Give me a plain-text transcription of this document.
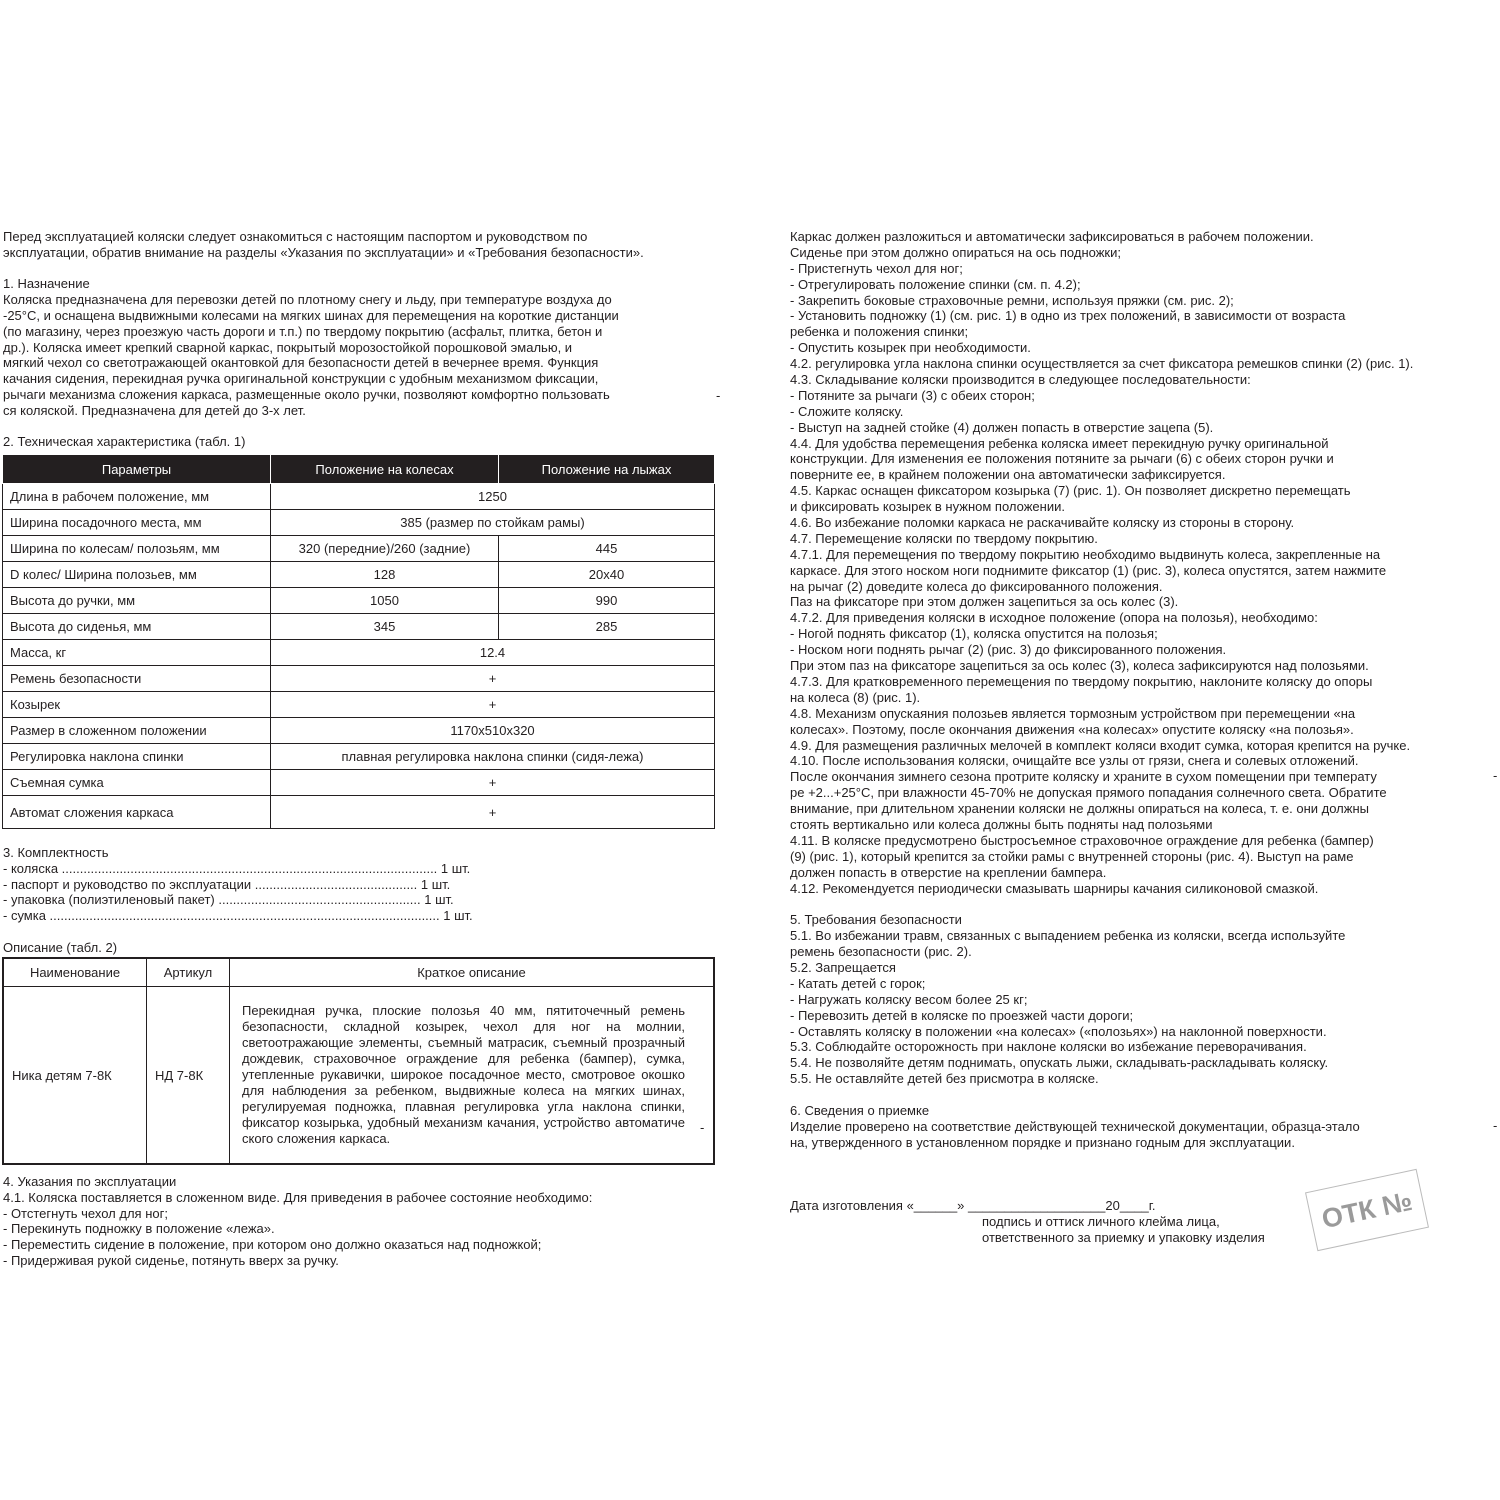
Перед эксплуатацией коляски следует ознакомиться с настоящим паспортом и руководством по
эксплуатации, обратив внимание на разделы «Указания по эксплуатации» и «Требования безопасности».
1. Назначение
Коляска предназначена для перевозки детей по плотному снегу и льду, при температуре воздуха до
-25°С, и оснащена выдвижными колесами на мягких шинах для перемещения на короткие дистанции
(по магазину, через проезжую часть дороги и т.п.) по твердому покрытию (асфальт, плитка, бетон и
др.). Коляска имеет крепкий сварной каркас, покрытый морозостойкой порошковой эмалью, и
мягкий чехол со светотражающей окантовкой для безопасности детей в вечернее время. Функция
качания сидения, перекидная ручка оригинальной конструкции с удобным механизмом фиксации,
рычаги механизма сложения каркаса, размещенные около ручки, позволяют комфортно пользовать
ся коляской. Предназначена для детей до 3-х лет.
2. Техническая характеристика (табл. 1)
Параметры	Положение на колесах	Положение на лыжах
Длина в рабочем положение, мм	1250	
Ширина посадочного места, мм	385 (размер по стойкам рамы)	
Ширина по колесам/ полозьям, мм	320 (передние)/260 (задние)	445
D колес/ Ширина полозьев, мм	128	20x40
Высота до ручки, мм	1050	990
Высота до сиденья, мм	345	285
Масса, кг	12.4	
Ремень безопасности	+	
Козырек	+	
Размер в сложенном положении	1170x510x320	
Регулировка наклона спинки	плавная регулировка наклона спинки (сидя-лежа)	
Съемная сумка	+	
Автомат сложения каркаса	+	
3. Комплектность
- коляска ........................................................................................................ 1 шт.
- паспорт и руководство по эксплуатации ............................................. 1 шт.
- упаковка (полиэтиленовый пакет) ........................................................ 1 шт.
- сумка ............................................................................................................ 1 шт.
Описание (табл. 2)
Наименование	Артикул	Краткое описание
Ника детям 7-8К	НД 7-8К	Перекидная ручка, плоские полозья 40 мм, пятиточечный ремень безопасности, складной козырек, чехол для ног на молнии, светоотражающие элементы, съемный матрасик, съемный прозрачный дождевик, страховочное ограждение для ребенка (бампер), сумка, утепленные рукавички, широкое посадочное место, смотровое окошко для наблюдения за ребенком, выдвижные колеса на мягких шинах, регулируемая подножка, плавная регулировка угла наклона спинки, фиксатор козырька, удобный механизм качания, устройство автоматиче ского сложения каркаса.
4. Указания по эксплуатации
4.1. Коляска поставляется в сложенном виде. Для приведения в рабочее состояние необходимо:
- Отстегнуть чехол для ног;
- Перекинуть подножку в положение «лежа».
- Переместить сидение в положение, при котором оно должно оказаться над подножкой;
- Придерживая рукой сиденье, потянуть вверх за ручку.
Каркас должен разложиться и автоматически зафиксироваться в рабочем положении.
Сиденье при этом должно опираться на ось подножки;
- Пристегнуть чехол для ног;
- Отрегулировать положение спинки (см. п. 4.2);
- Закрепить боковые страховочные ремни, используя пряжки (см. рис. 2);
- Установить подножку (1) (см. рис. 1) в одно из трех положений, в зависимости от возраста
ребенка и положения спинки;
- Опустить козырек при необходимости.
4.2. регулировка угла наклона спинки осуществляется за счет фиксатора ремешков спинки (2) (рис. 1).
4.3. Складывание коляски производится в следующее последовательности:
- Потяните за рычаги (3) с обеих сторон;
- Сложите коляску.
- Выступ на задней стойке (4) должен попасть в отверстие зацепа (5).
4.4. Для удобства перемещения ребенка коляска имеет перекидную ручку оригинальной
конструкции. Для изменения ее положения потяните за рычаги (6) с обеих сторон ручки и
поверните ее, в крайнем положении она автоматически зафиксируется.
4.5. Каркас оснащен фиксатором козырька (7) (рис. 1). Он позволяет дискретно перемещать
и фиксировать козырек в нужном положении.
4.6. Во избежание поломки каркаса не раскачивайте коляску из стороны в сторону.
4.7. Перемещение коляски по твердому покрытию.
4.7.1. Для перемещения по твердому покрытию необходимо выдвинуть колеса, закрепленные на
каркасе. Для этого носком ноги поднимите фиксатор (1) (рис. 3), колеса опустятся, затем нажмите
на рычаг (2) доведите колеса до фиксированного положения.
Паз на фиксаторе при этом должен зацепиться за ось колес (3).
4.7.2. Для приведения коляски в исходное положение (опора на полозья), необходимо:
- Ногой поднять фиксатор (1), коляска опустится на полозья;
- Носком ноги поднять рычаг (2) (рис. 3) до фиксированного положения.
При этом паз на фиксаторе зацепиться за ось колес (3), колеса зафиксируются над полозьями.
4.7.3. Для кратковременного перемещения по твердому покрытию, наклоните коляску до опоры
на колеса (8) (рис. 1).
4.8. Механизм опускаяния полозьев является тормозным устройством при перемещении «на
колесах». Поэтому, после окончания движения «на колесах» опустите коляску «на полозья».
4.9. Для размещения различных мелочей в комплект коляси входит сумка, которая крепится на ручке.
4.10. После использования коляски, очищайте все узлы от грязи, снега и солевых отложений.
После окончания зимнего сезона протрите коляску и храните в сухом помещении при температу
ре +2...+25°С, при влажности 45-70% не допуская прямого попадания солнечного света. Обратите
внимание, при длительном хранении коляски не должны опираться на колеса, т. е. они должны
стоять вертикально или колеса должны быть подняты над полозьями
4.11. В коляске предусмотрено быстросъемное страховочное ограждение для ребенка (бампер)
(9) (рис. 1), который крепится за стойки рамы с внутренней стороны (рис. 4). Выступ на раме
должен попасть в отверстие на креплении бампера.
4.12. Рекомендуется периодически смазывать шарниры качания силиконовой смазкой.
5. Требования безопасности
5.1. Во избежании травм, связанных с выпадением ребенка из коляски, всегда используйте
ремень безопасности (рис. 2).
5.2. Запрещается
- Катать детей с горок;
- Нагружать коляску весом более 25 кг;
- Перевозить детей в коляске по проезжей части дороги;
- Оставлять коляску в положении «на колесах» («полозьях») на наклонной поверхности.
5.3. Соблюдайте осторожность при наклоне коляски во избежание переворачивания.
5.4. Не позволяйте детям поднимать, опускать лыжи, складывать-раскладывать коляску.
5.5. Не оставляйте детей без присмотра в коляске.
6. Сведения о приемке
Изделие проверено на соответствие действующей технической документации, образца-этало
на, утвержденного в установленном порядке и признано годным для эксплуатации.
Дата изготовления «______» ___________________20____г.
подпись и оттиск личного клейма лица,
ответственного за приемку и упаковку изделия
ОТК №
-
-
-
-
